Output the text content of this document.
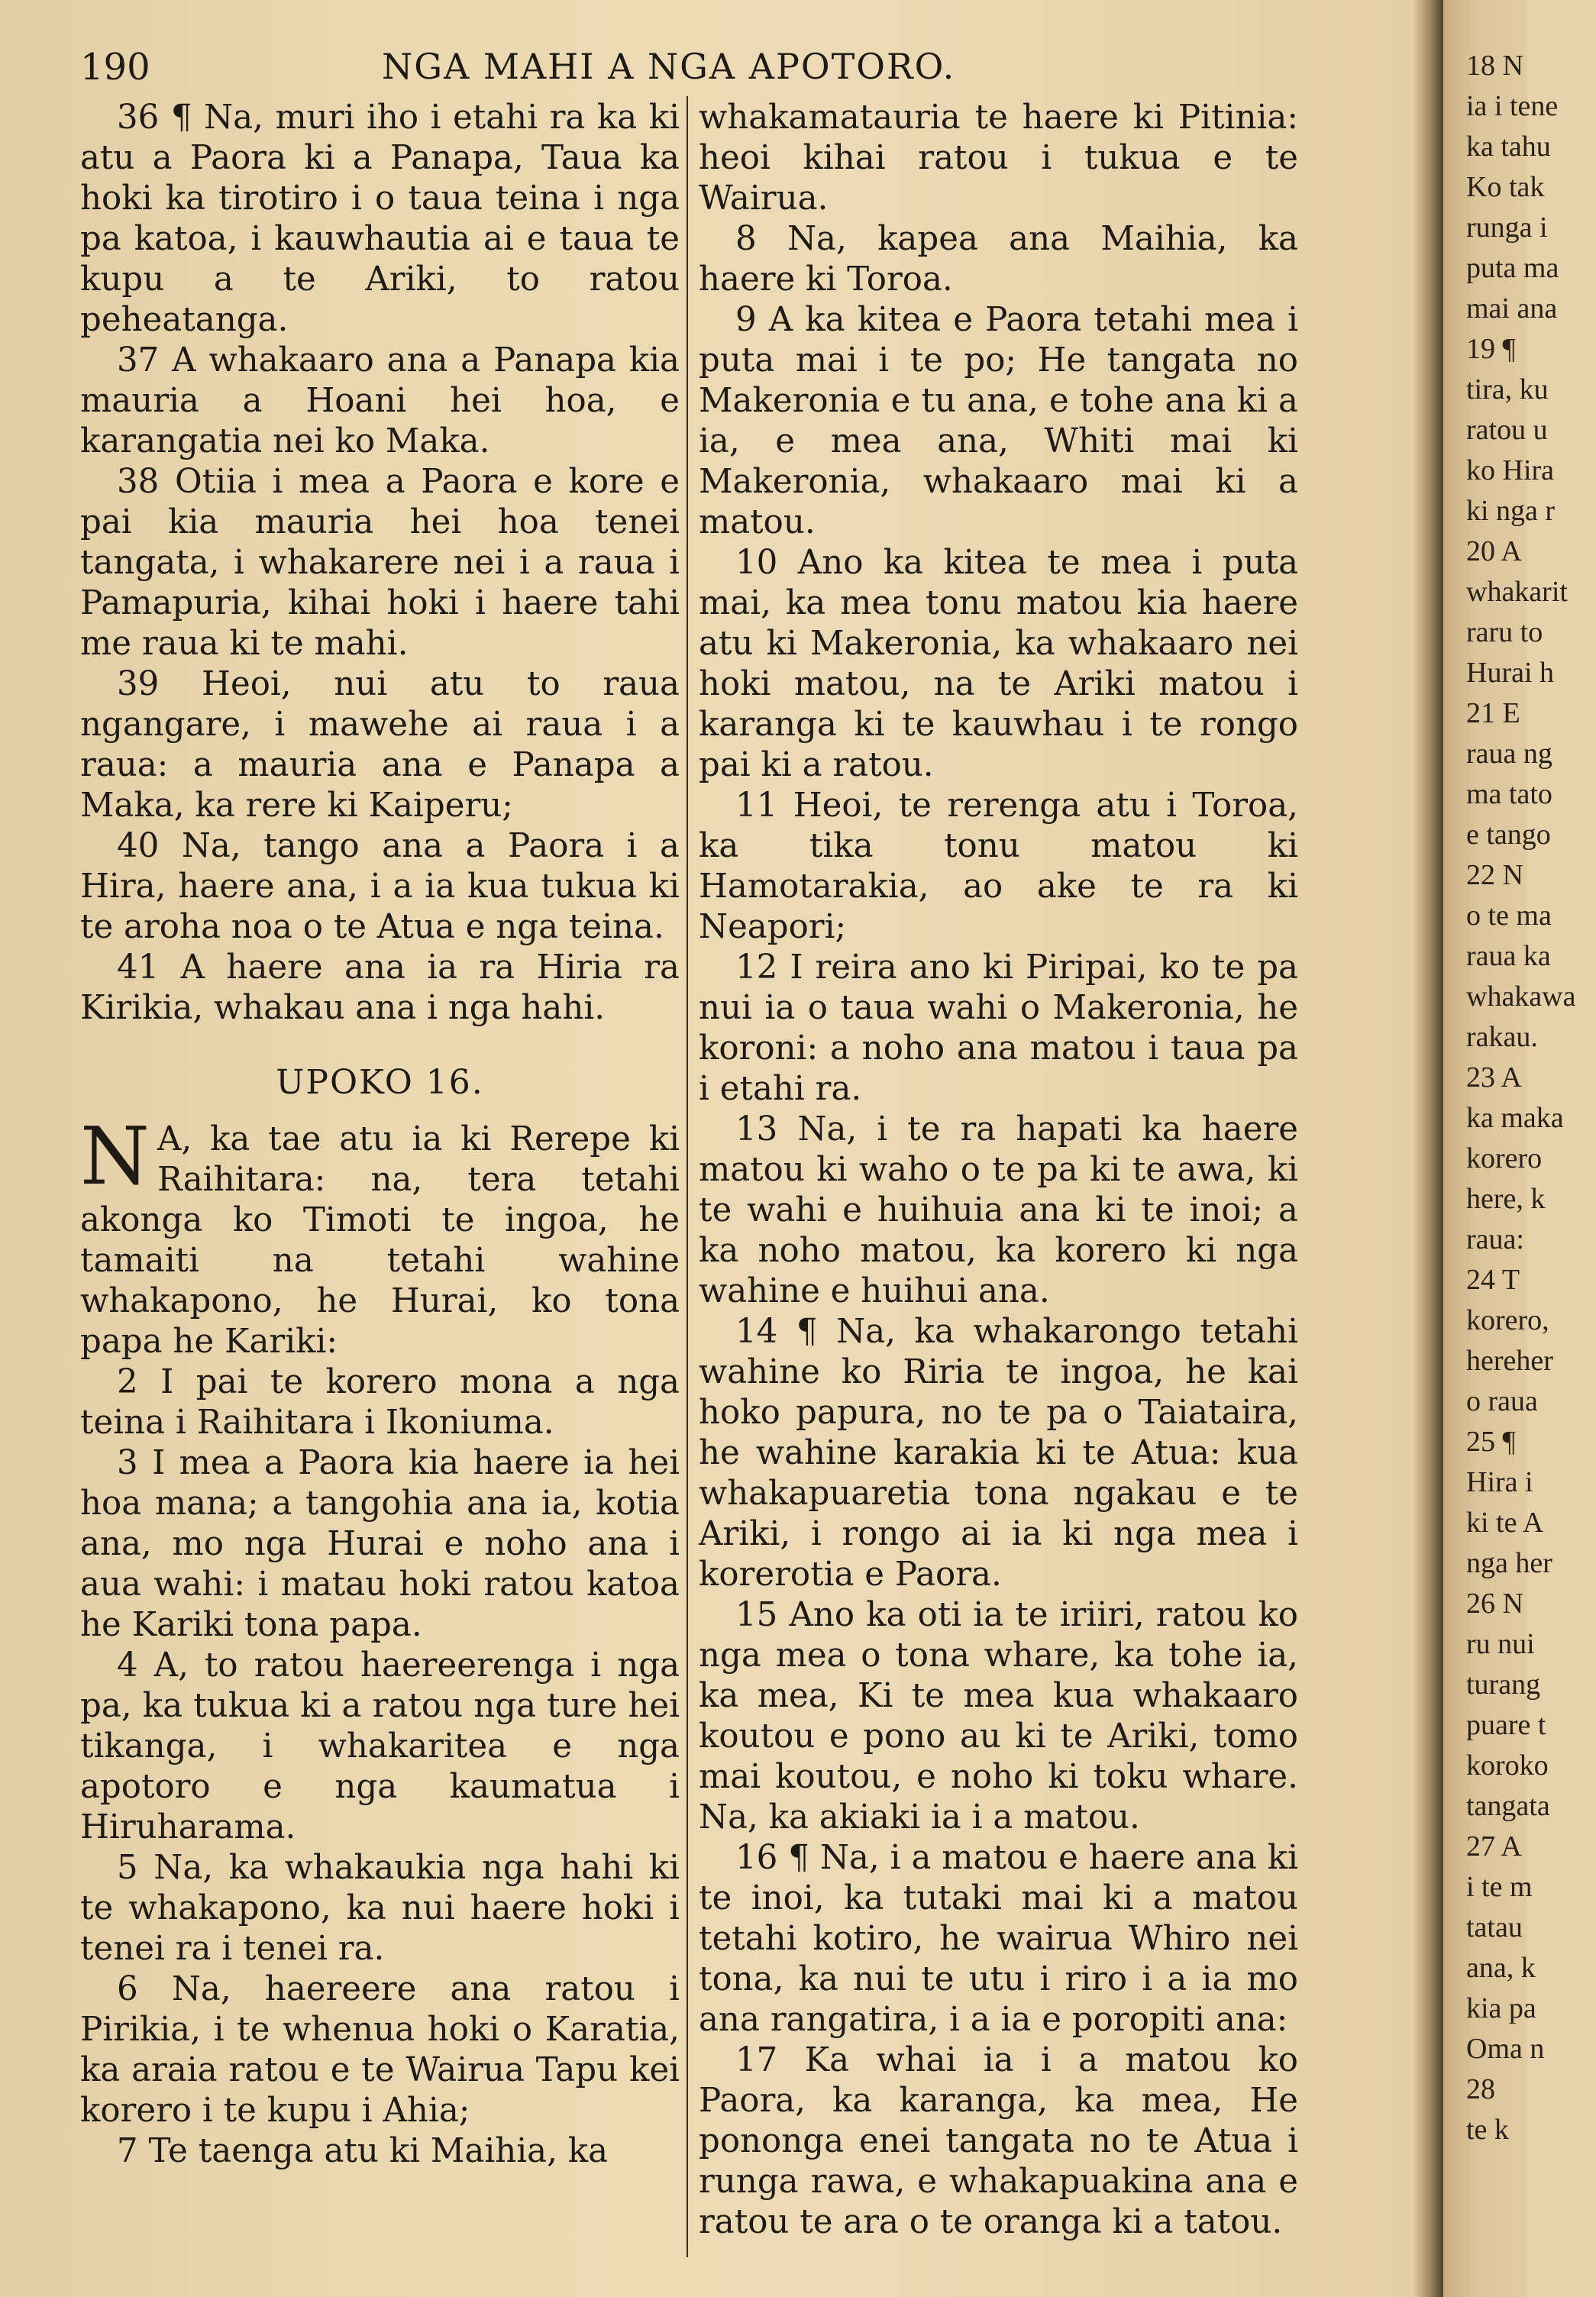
18 N
ia i tene
ka tahu
Ko tak
runga i
puta ma
mai ana
19 ¶
tira, ku
ratou u
ko Hira
ki nga r
20 A
whakarit
raru to
Hurai h
21 E
raua ng
ma tato
e tango
22 N
o te ma
raua ka
whakawa
rakau.
23 A
ka maka
korero
here, k
raua:
24 T
korero,
hereher
o raua
25 ¶
Hira i
ki te A
nga her
26 N
ru nui
turang
puare t
koroko
tangata
27 A
i te m
tatau
ana, k
kia pa
Oma n
28
te k
190	NGA MAHI A NGA APOTORO.

36 ¶ Na, muri iho i etahi ra ka ki atu a Paora ki a Panapa, Taua ka hoki ka tirotiro i o taua teina i nga pa katoa, i kauwhautia ai e taua te kupu a te Ariki, to ratou peheatanga.

37 A whakaaro ana a Panapa kia mauria a Hoani hei hoa, e karangatia nei ko Maka.

38 Otiia i mea a Paora e kore e pai kia mauria hei hoa tenei tangata, i whakarere nei i a raua i Pamapuria, kihai hoki i haere tahi me raua ki te mahi.

39 Heoi, nui atu to raua ngangare, i mawehe ai raua i a raua: a mauria ana e Panapa a Maka, ka rere ki Kaiperu;

40 Na, tango ana a Paora i a Hira, haere ana, i a ia kua tukua ki te aroha noa o te Atua e nga teina.

41 A haere ana ia ra Hiria ra Kirikia, whakau ana i nga hahi.

UPOKO 16.

N A, ka tae atu ia ki Rerepe ki Raihitara: na, tera tetahi akonga ko Timoti te ingoa, he tamaiti na tetahi wahine whakapono, he Hurai, ko tona papa he Kariki:

2 I pai te korero mona a nga teina i Raihitara i Ikoniuma.

3 I mea a Paora kia haere ia hei hoa mana; a tangohia ana ia, kotia ana, mo nga Hurai e noho ana i aua wahi: i matau hoki ratou katoa he Kariki tona papa.

4 A, to ratou haereerenga i nga pa, ka tukua ki a ratou nga ture hei tikanga, i whakaritea e nga apotoro e nga kaumatua i Hiruharama.

5 Na, ka whakaukia nga hahi ki te whakapono, ka nui haere hoki i tenei ra i tenei ra.

6 Na, haereere ana ratou i Pirikia, i te whenua hoki o Karatia, ka araia ratou e te Wairua Tapu kei korero i te kupu i Ahia;

7 Te taenga atu ki Maihia, ka

whakamatauria te haere ki Pitinia: heoi kihai ratou i tukua e te Wairua.

8 Na, kapea ana Maihia, ka haere ki Toroa.

9 A ka kitea e Paora tetahi mea i puta mai i te po; He tangata no Makeronia e tu ana, e tohe ana ki a ia, e mea ana, Whiti mai ki Makeronia, whakaaro mai ki a matou.

10 Ano ka kitea te mea i puta mai, ka mea tonu matou kia haere atu ki Makeronia, ka whakaaro nei hoki matou, na te Ariki matou i karanga ki te kauwhau i te rongo pai ki a ratou.

11 Heoi, te rerenga atu i Toroa, ka tika tonu matou ki Hamotarakia, ao ake te ra ki Neapori;

12 I reira ano ki Piripai, ko te pa nui ia o taua wahi o Makeronia, he koroni: a noho ana matou i taua pa i etahi ra.

13 Na, i te ra hapati ka haere matou ki waho o te pa ki te awa, ki te wahi e huihuia ana ki te inoi; a ka noho matou, ka korero ki nga wahine e huihui ana.

14 ¶ Na, ka whakarongo tetahi wahine ko Riria te ingoa, he kai hoko papura, no te pa o Taiataira, he wahine karakia ki te Atua: kua whakapuaretia tona ngakau e te Ariki, i rongo ai ia ki nga mea i korerotia e Paora.

15 Ano ka oti ia te iriiri, ratou ko nga mea o tona whare, ka tohe ia, ka mea, Ki te mea kua whakaaro koutou e pono au ki te Ariki, tomo mai koutou, e noho ki toku whare. Na, ka akiaki ia i a matou.

16 ¶ Na, i a matou e haere ana ki te inoi, ka tutaki mai ki a matou tetahi kotiro, he wairua Whiro nei tona, ka nui te utu i riro i a ia mo ana rangatira, i a ia e poropiti ana:

17 Ka whai ia i a matou ko Paora, ka karanga, ka mea, He pononga enei tangata no te Atua i runga rawa, e whakapuakina ana e ratou te ara o te oranga ki a tatou.
